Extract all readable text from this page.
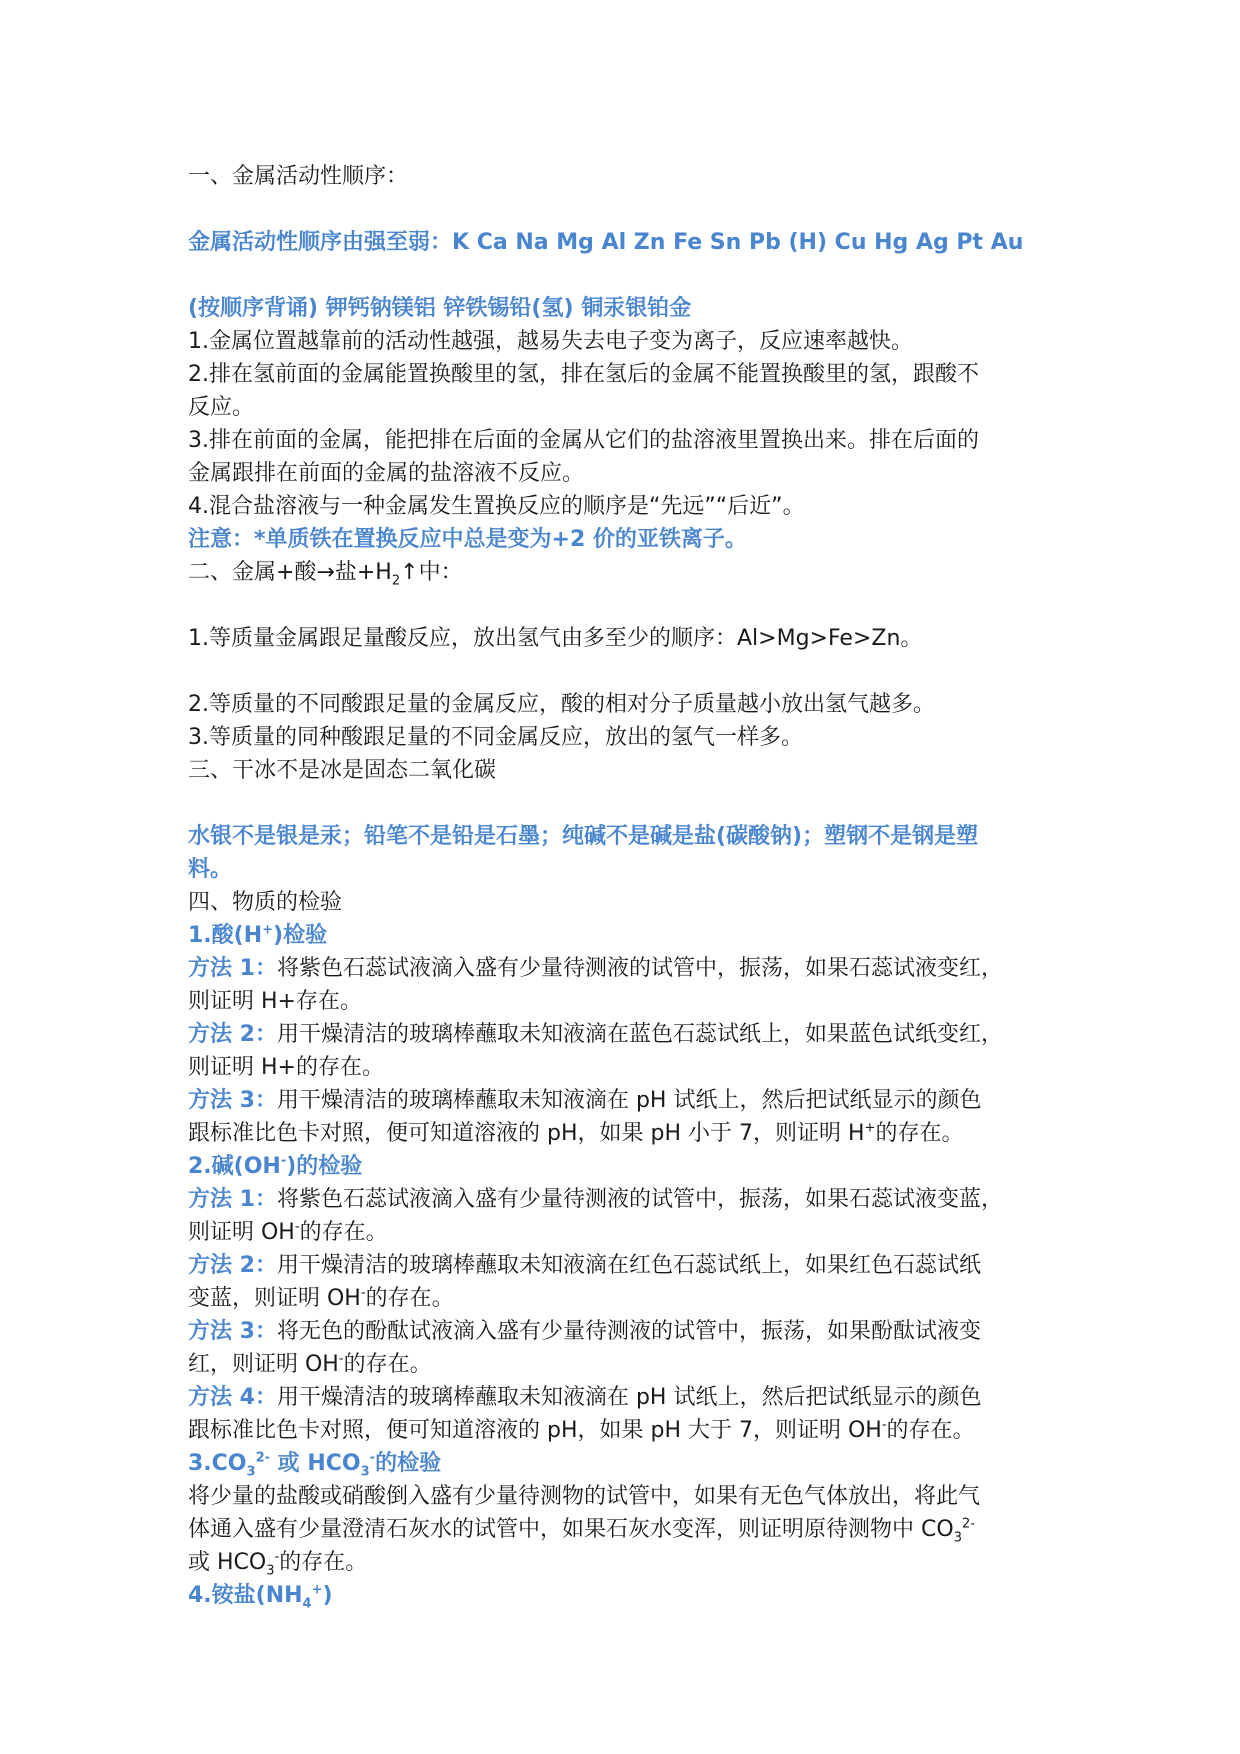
一、金属活动性顺序：
金属活动性顺序由强至弱：K Ca Na Mg Al Zn Fe Sn Pb (H) Cu Hg Ag Pt Au
(按顺序背诵) 钾钙钠镁铝 锌铁锡铅(氢) 铜汞银铂金
1.金属位置越靠前的活动性越强，越易失去电子变为离子，反应速率越快。
2.排在氢前面的金属能置换酸里的氢，排在氢后的金属不能置换酸里的氢，跟酸不
反应。
3.排在前面的金属，能把排在后面的金属从它们的盐溶液里置换出来。排在后面的
金属跟排在前面的金属的盐溶液不反应。
4.混合盐溶液与一种金属发生置换反应的顺序是“先远”“后近”。
注意：*单质铁在置换反应中总是变为+2 价的亚铁离子。
二、金属+酸→盐$+H_2↑$中：
1.等质量金属跟足量酸反应，放出氢气由多至少的顺序：Al>Mg>Fe>Zn。
2.等质量的不同酸跟足量的金属反应，酸的相对分子质量越小放出氢气越多。
3.等质量的同种酸跟足量的不同金属反应，放出的氢气一样多。
三、干冰不是冰是固态二氧化碳
水银不是银是汞；铅笔不是铅是石墨；纯碱不是碱是盐(碳酸钠)；塑钢不是钢是塑
料。
四、物质的检验
1.酸(H+)检验
方法 1：将紫色石蕊试液滴入盛有少量待测液的试管中，振荡，如果石蕊试液变红，
则证明 H+存在。
方法 2：用干燥清洁的玻璃棒蘸取未知液滴在蓝色石蕊试纸上，如果蓝色试纸变红，
则证明 H+的存在。
方法 3：用干燥清洁的玻璃棒蘸取未知液滴在 pH 试纸上，然后把试纸显示的颜色
跟标准比色卡对照，便可知道溶液的 pH，如果 pH 小于 7，则证明 H+的存在。
2.碱(OH-)的检验
方法 1：将紫色石蕊试液滴入盛有少量待测液的试管中，振荡，如果石蕊试液变蓝，
则证明 OH-的存在。
方法 2：用干燥清洁的玻璃棒蘸取未知液滴在红色石蕊试纸上，如果红色石蕊试纸
变蓝，则证明 OH-的存在。
方法 3：将无色的酚酞试液滴入盛有少量待测液的试管中，振荡，如果酚酞试液变
红，则证明 OH-的存在。
方法 4：用干燥清洁的玻璃棒蘸取未知液滴在 pH 试纸上，然后把试纸显示的颜色
跟标准比色卡对照，便可知道溶液的 pH，如果 pH 大于 7，则证明 OH-的存在。
$3.CO_3^{2-}$ 或 $HCO_3^-$的检验
将少量的盐酸或硝酸倒入盛有少量待测物的试管中，如果有无色气体放出，将此气
体通入盛有少量澄清石灰水的试管中，如果石灰水变浑，则证明原待测物中 $CO_3^{2-}$
或 $HCO_3^-$的存在。
4.铵盐$(NH_4^+)$
